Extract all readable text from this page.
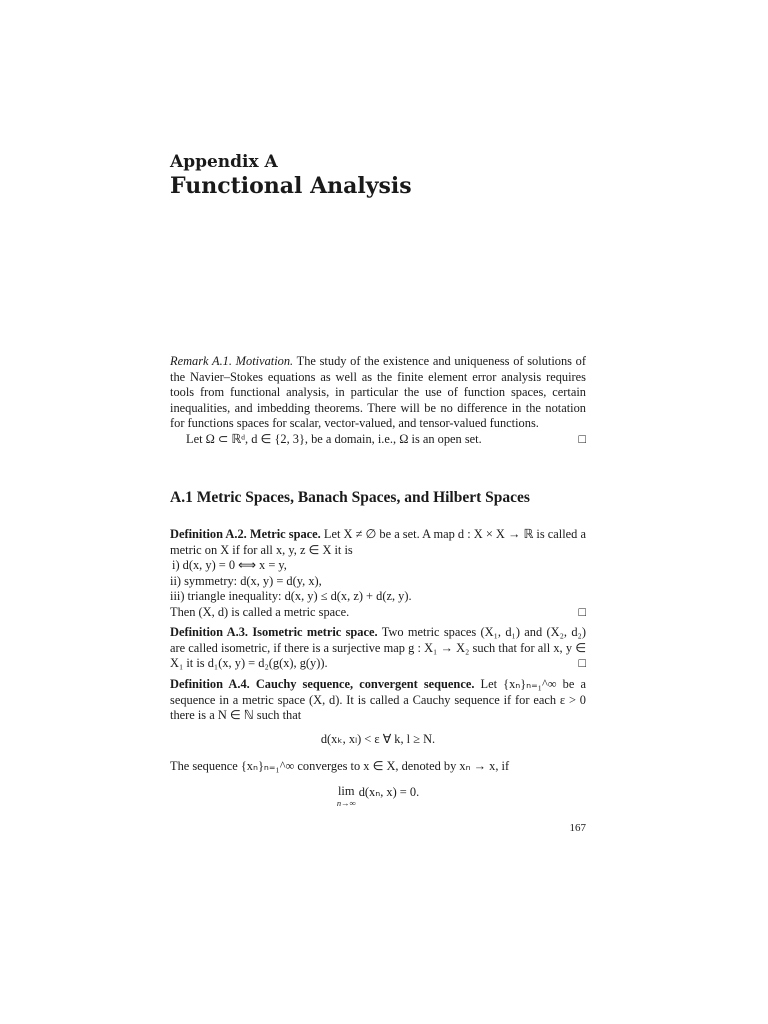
Appendix A
Functional Analysis

Remark A.1. Motivation. The study of the existence and uniqueness of solutions of the Navier–Stokes equations as well as the finite element error analysis requires tools from functional analysis, in particular the use of function spaces, certain inequalities, and imbedding theorems. There will be no difference in the notation for functions spaces for scalar, vector-valued, and tensor-valued functions.

Let Ω ⊂ ℝᵈ, d ∈ {2, 3}, be a domain, i.e., Ω is an open set.	□

A.1 Metric Spaces, Banach Spaces, and Hilbert Spaces

Definition A.2. Metric space. Let X ≠ ∅ be a set. A map d : X × X → ℝ is called a metric on X if for all x, y, z ∈ X it is

i) d(x, y) = 0 ⟺ x = y,

ii) symmetry: d(x, y) = d(y, x),

iii) triangle inequality: d(x, y) ≤ d(x, z) + d(z, y).

Then (X, d) is called a metric space.	□

Definition A.3. Isometric metric space. Two metric spaces (X₁, d₁) and (X₂, d₂) are called isometric, if there is a surjective map g : X₁ → X₂ such that for all x, y ∈ X₁ it is d₁(x, y) = d₂(g(x), g(y)).	□

Definition A.4. Cauchy sequence, convergent sequence. Let {xₙ}ₙ₌₁^∞ be a sequence in a metric space (X, d). It is called a Cauchy sequence if for each ε > 0 there is a N ∈ ℕ such that

d(xₖ, xₗ) < ε ∀ k, l ≥ N.

The sequence {xₙ}ₙ₌₁^∞ converges to x ∈ X, denoted by xₙ → x, if

lim
n→∞
d(xₙ, x) = 0.
167
